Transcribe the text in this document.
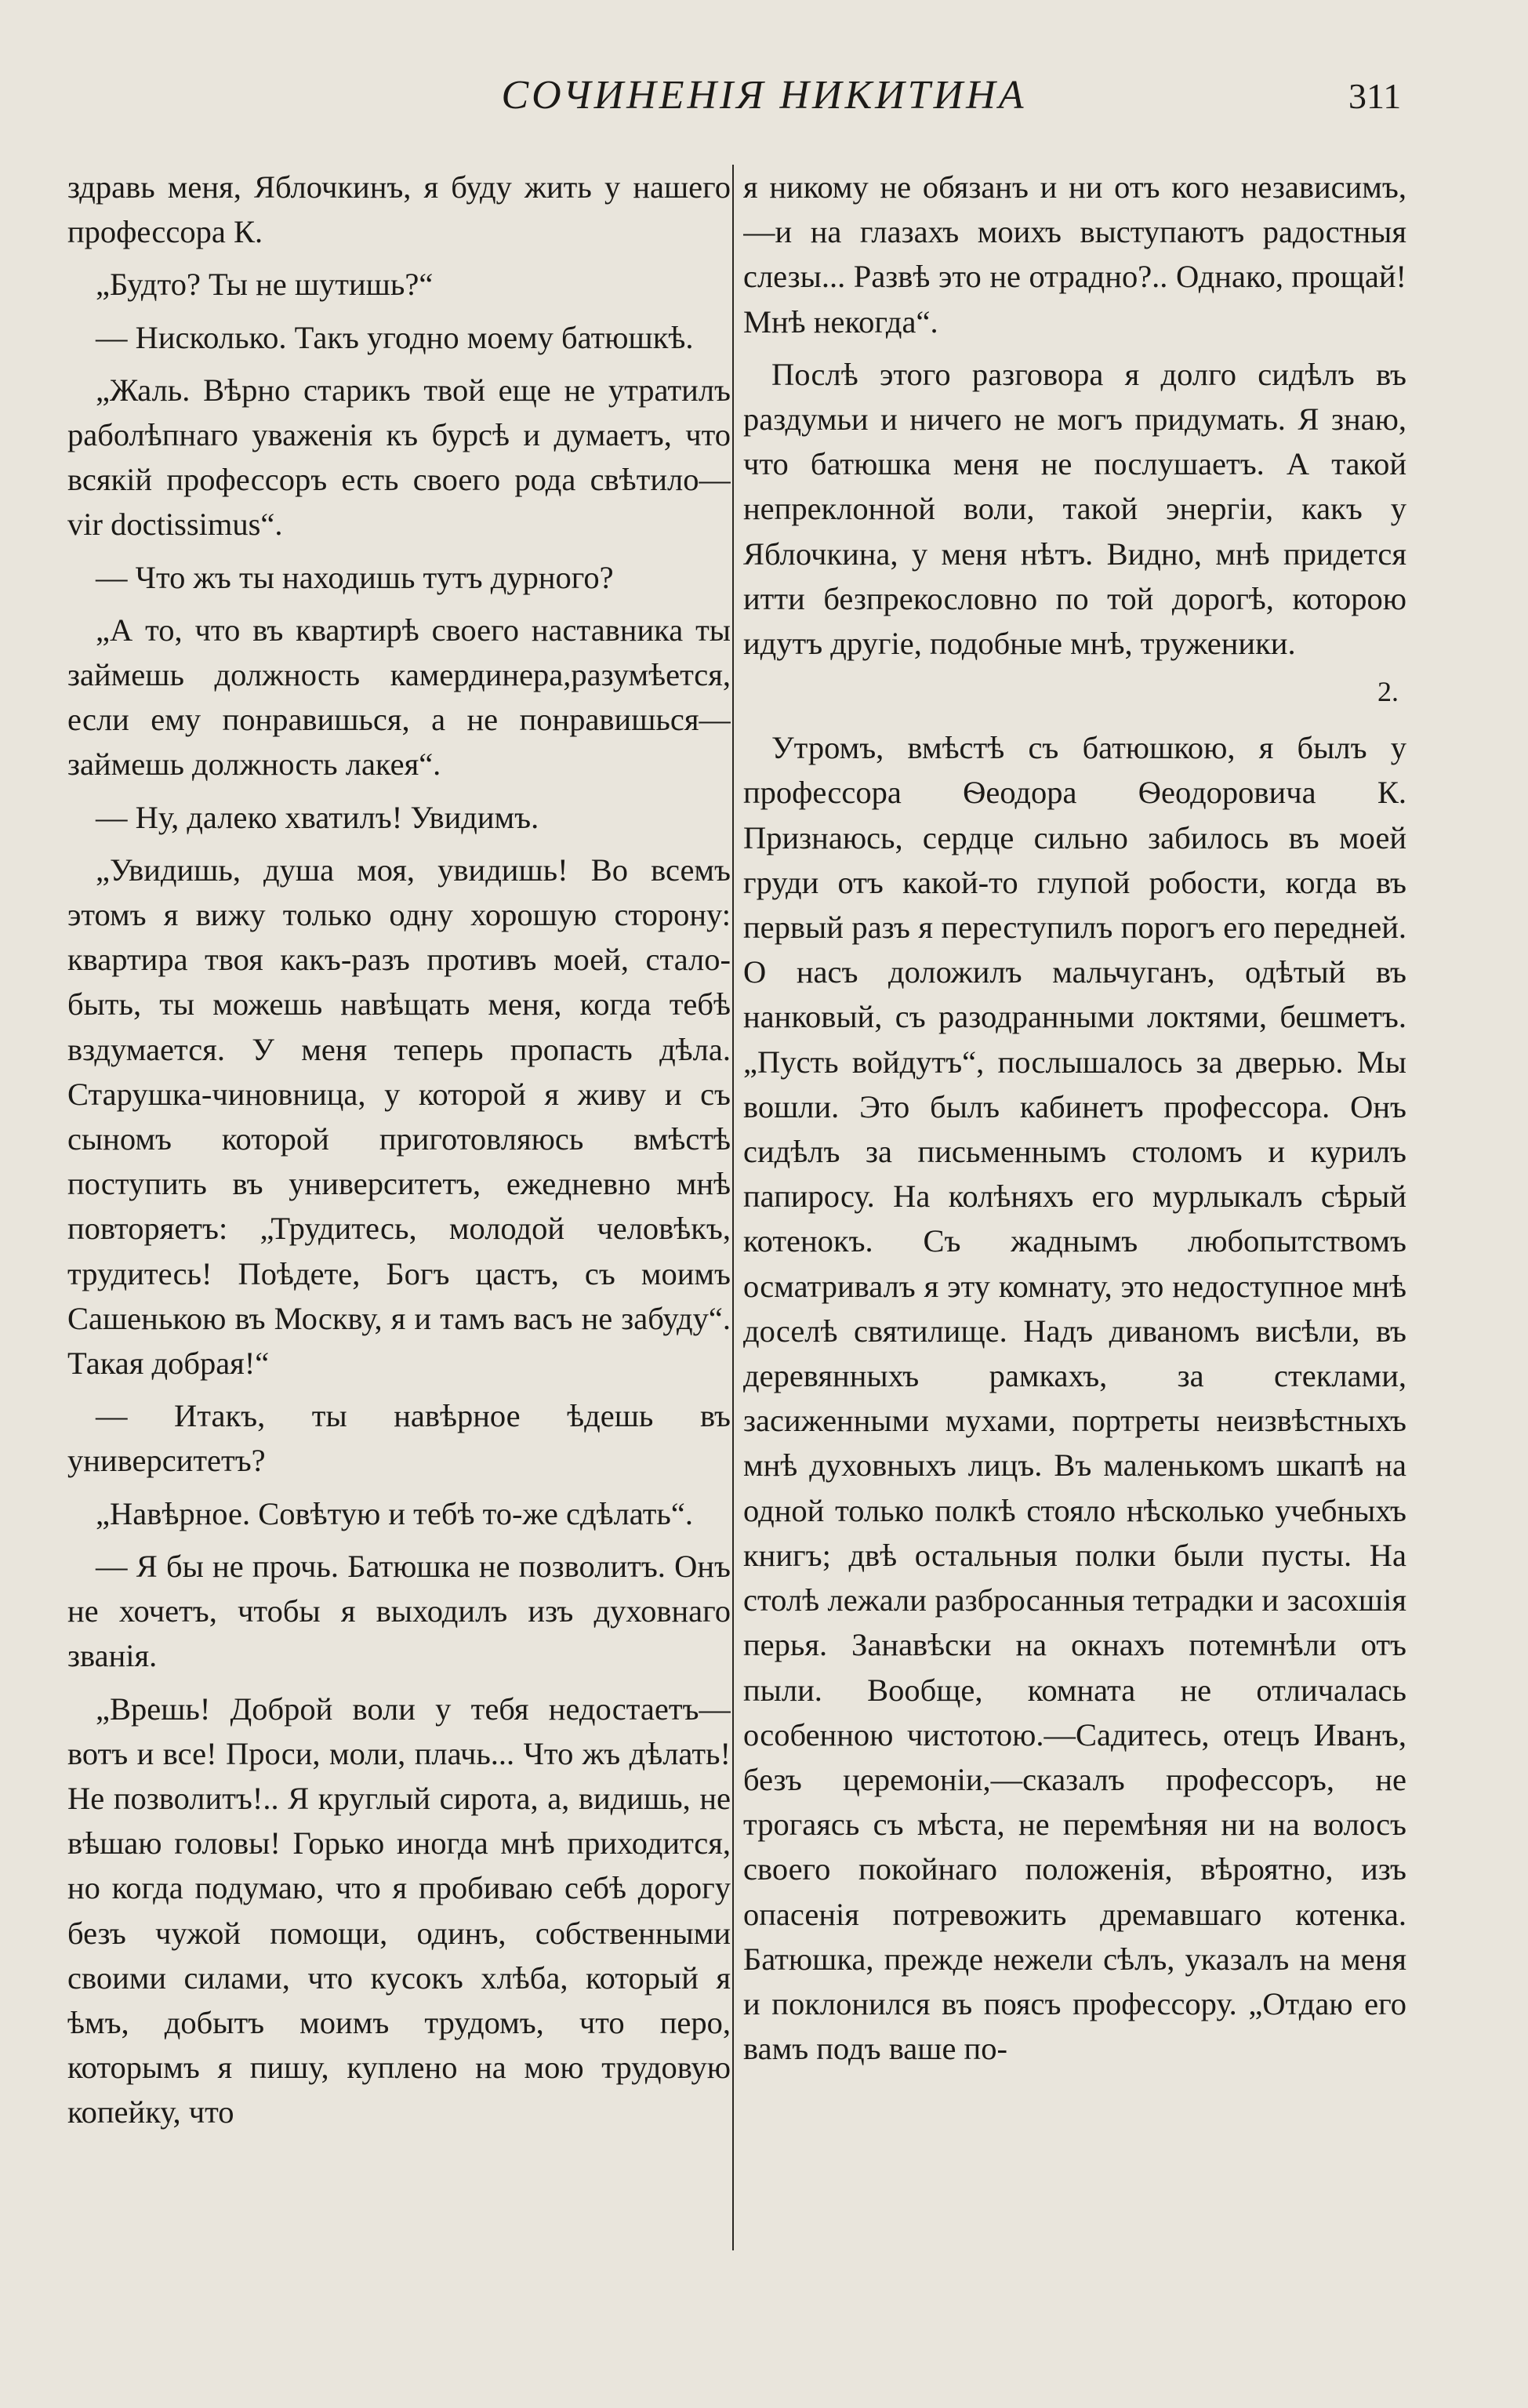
СОЧИНЕНІЯ НИКИТИНА	311

здравь меня, Яблочкинъ, я буду жить у нашего профессора К.

„Будто? Ты не шутишь?“

— Нисколько. Такъ угодно моему батюшкѣ.

„Жаль. Вѣрно старикъ твой еще не утратилъ раболѣпнаго уваженія къ бурсѣ и думаетъ, что всякій профессоръ есть своего рода свѣтило—vir doctissimus“.

— Что жъ ты находишь тутъ дурного?

„А то, что въ квартирѣ своего наставника ты займешь должность камердинера,разумѣется, если ему понравишься, а не понравишься—займешь должность лакея“.

— Ну, далеко хватилъ! Увидимъ.

„Увидишь, душа моя, увидишь! Во всемъ этомъ я вижу только одну хорошую сторону: квартира твоя какъ-разъ противъ моей, стало-быть, ты можешь навѣщать меня, когда тебѣ вздумается. У меня теперь пропасть дѣла. Старушка-чиновница, у которой я живу и съ сыномъ которой приготовляюсь вмѣстѣ поступить въ университетъ, ежедневно мнѣ повторяетъ: „Трудитесь, молодой человѣкъ, трудитесь! Поѣдете, Богъ цастъ, съ моимъ Сашенькою въ Москву, я и тамъ васъ не забуду“. Такая добрая!“

— Итакъ, ты навѣрное ѣдешь въ университетъ?

„Навѣрное. Совѣтую и тебѣ то-же сдѣлать“.

— Я бы не прочь. Батюшка не позволитъ. Онъ не хочетъ, чтобы я выходилъ изъ духовнаго званія.

„Врешь! Доброй воли у тебя недостаетъ—вотъ и все! Проси, моли, плачь... Что жъ дѣлать! Не позволитъ!.. Я круглый сирота, а, видишь, не вѣшаю головы! Горько иногда мнѣ приходится, но когда подумаю, что я пробиваю себѣ дорогу безъ чужой помощи, одинъ, собственными своими силами, что кусокъ хлѣба, который я ѣмъ, добытъ моимъ трудомъ, что перо, которымъ я пишу, куплено на мою трудовую копейку, что

я никому не обязанъ и ни отъ кого независимъ,—и на глазахъ моихъ выступаютъ радостныя слезы... Развѣ это не отрадно?.. Однако, прощай! Мнѣ некогда“.

Послѣ этого разговора я долго сидѣлъ въ раздумьи и ничего не могъ придумать. Я знаю, что батюшка меня не послушаетъ. А такой непреклонной воли, такой энергіи, какъ у Яблочкина, у меня нѣтъ. Видно, мнѣ придется итти безпрекословно по той дорогѣ, которою идутъ другіе, подобные мнѣ, труженики.

2.

Утромъ, вмѣстѣ съ батюшкою, я былъ у профессора Ѳеодора Ѳеодоровича К. Признаюсь, сердце сильно забилось въ моей груди отъ какой-то глупой робости, когда въ первый разъ я переступилъ порогъ его передней. О насъ доложилъ мальчуганъ, одѣтый въ нанковый, съ разодранными локтями, бешметъ. „Пусть войдутъ“, послышалось за дверью. Мы вошли. Это былъ кабинетъ профессора. Онъ сидѣлъ за письменнымъ столомъ и курилъ папиросу. На колѣняхъ его мурлыкалъ сѣрый котенокъ. Съ жаднымъ любопытствомъ осматривалъ я эту комнату, это недоступное мнѣ доселѣ святилище. Надъ диваномъ висѣли, въ деревянныхъ рамкахъ, за стеклами, засиженными мухами, портреты неизвѣстныхъ мнѣ духовныхъ лицъ. Въ маленькомъ шкапѣ на одной только полкѣ стояло нѣсколько учебныхъ книгъ; двѣ остальныя полки были пусты. На столѣ лежали разбросанныя тетрадки и засохшія перья. Занавѣски на окнахъ потемнѣли отъ пыли. Вообще, комната не отличалась особенною чистотою.—Садитесь, отецъ Иванъ, безъ церемоніи,—сказалъ профессоръ, не трогаясь съ мѣста, не перемѣняя ни на волосъ своего покойнаго положенія, вѣроятно, изъ опасенія потревожить дремавшаго котенка. Батюшка, прежде нежели сѣлъ, указалъ на меня и поклонился въ поясъ профессору. „Отдаю его вамъ подъ ваше по-
